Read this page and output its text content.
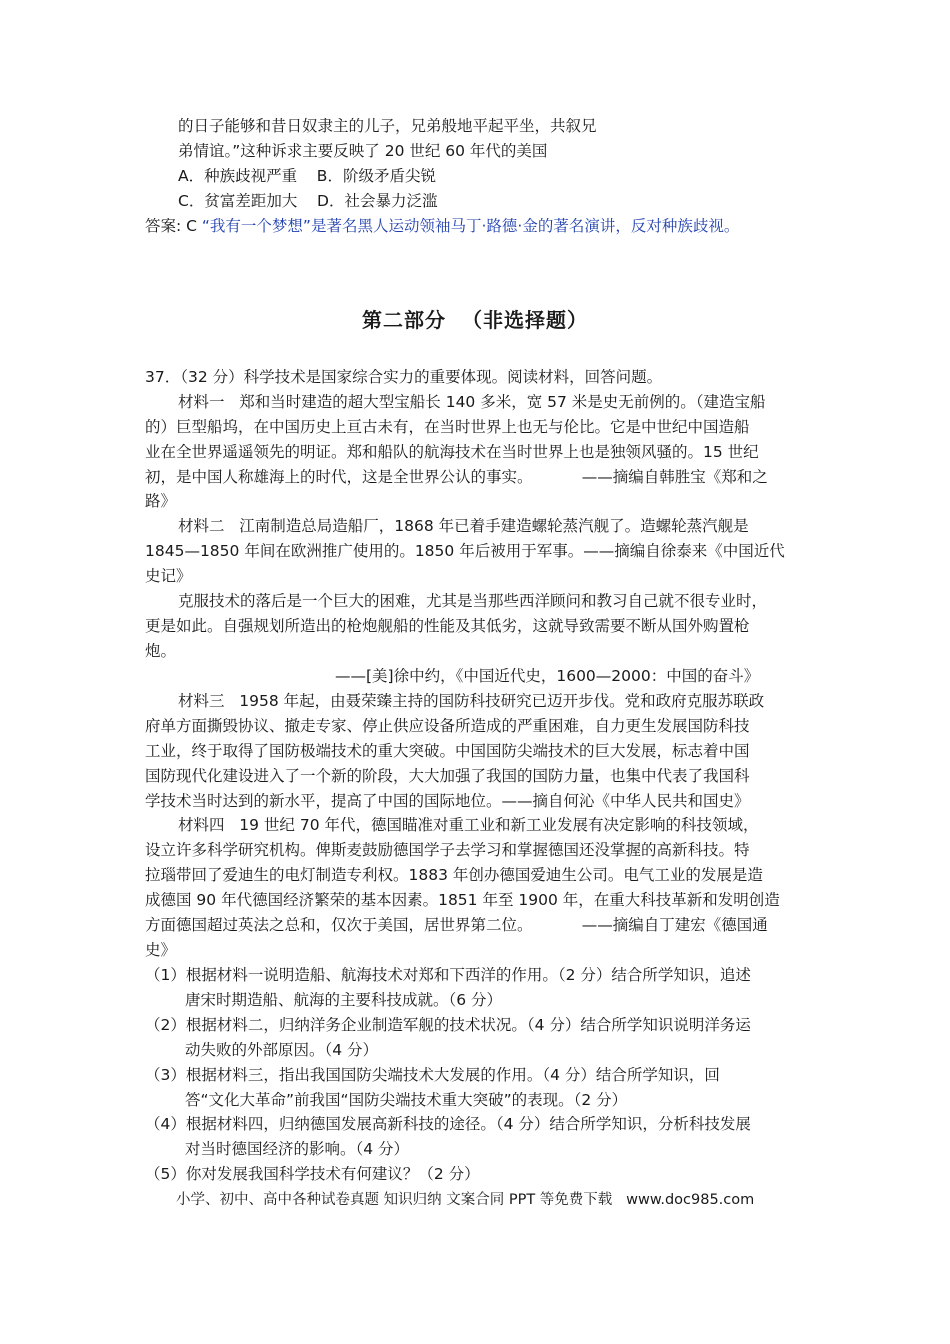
的日子能够和昔日奴隶主的儿子，兄弟般地平起平坐，共叙兄
弟情谊。”这种诉求主要反映了 20 世纪 60 年代的美国
A．种族歧视严重    B．阶级矛盾尖锐
C．贫富差距加大    D．社会暴力泛滥
答案: C “我有一个梦想”是著名黑人运动领袖马丁·路德·金的著名演讲，反对种族歧视。
第二部分  （非选择题）
37．（32 分）科学技术是国家综合实力的重要体现。阅读材料，回答问题。
材料一   郑和当时建造的超大型宝船长 140 多米，宽 57 米是史无前例的。（建造宝船
的）巨型船坞，在中国历史上亘古未有，在当时世界上也无与伦比。它是中世纪中国造船
业在全世界遥遥领先的明证。郑和船队的航海技术在当时世界上也是独领风骚的。15 世纪
初，是中国人称雄海上的时代，这是全世界公认的事实。          ——摘编自韩胜宝《郑和之
路》
材料二   江南制造总局造船厂，1868 年已着手建造螺轮蒸汽舰了。造螺轮蒸汽舰是
1845—1850 年间在欧洲推广使用的。1850 年后被用于军事。——摘编自徐泰来《中国近代
史记》
克服技术的落后是一个巨大的困难，尤其是当那些西洋顾问和教习自己就不很专业时，
更是如此。自强规划所造出的枪炮舰船的性能及其低劣，这就导致需要不断从国外购置枪
炮。
——[美]徐中约，《中国近代史，1600—2000：中国的奋斗》
材料三   1958 年起，由聂荣臻主持的国防科技研究已迈开步伐。党和政府克服苏联政
府单方面撕毁协议、撤走专家、停止供应设备所造成的严重困难，自力更生发展国防科技
工业，终于取得了国防极端技术的重大突破。中国国防尖端技术的巨大发展，标志着中国
国防现代化建设进入了一个新的阶段，大大加强了我国的国防力量，也集中代表了我国科
学技术当时达到的新水平，提高了中国的国际地位。——摘自何沁《中华人民共和国史》
材料四   19 世纪 70 年代，德国瞄准对重工业和新工业发展有决定影响的科技领域，
设立许多科学研究机构。俾斯麦鼓励德国学子去学习和掌握德国还没掌握的高新科技。特
拉瑙带回了爱迪生的电灯制造专利权。1883 年创办德国爱迪生公司。电气工业的发展是造
成德国 90 年代德国经济繁荣的基本因素。1851 年至 1900 年，在重大科技革新和发明创造
方面德国超过英法之总和，仅次于美国，居世界第二位。          ——摘编自丁建宏《德国通
史》
（1）根据材料一说明造船、航海技术对郑和下西洋的作用。（2 分）结合所学知识，追述
唐宋时期造船、航海的主要科技成就。（6 分）
（2）根据材料二，归纳洋务企业制造军舰的技术状况。（4 分）结合所学知识说明洋务运
动失败的外部原因。（4 分）
（3）根据材料三，指出我国国防尖端技术大发展的作用。（4 分）结合所学知识，回
答“文化大革命”前我国“国防尖端技术重大突破”的表现。（2 分）
（4）根据材料四，归纳德国发展高新科技的途径。（4 分）结合所学知识，分析科技发展
对当时德国经济的影响。（4 分）
（5）你对发展我国科学技术有何建议？（2 分）
小学、初中、高中各种试卷真题 知识归纳 文案合同 PPT 等免费下载   www.doc985.com
